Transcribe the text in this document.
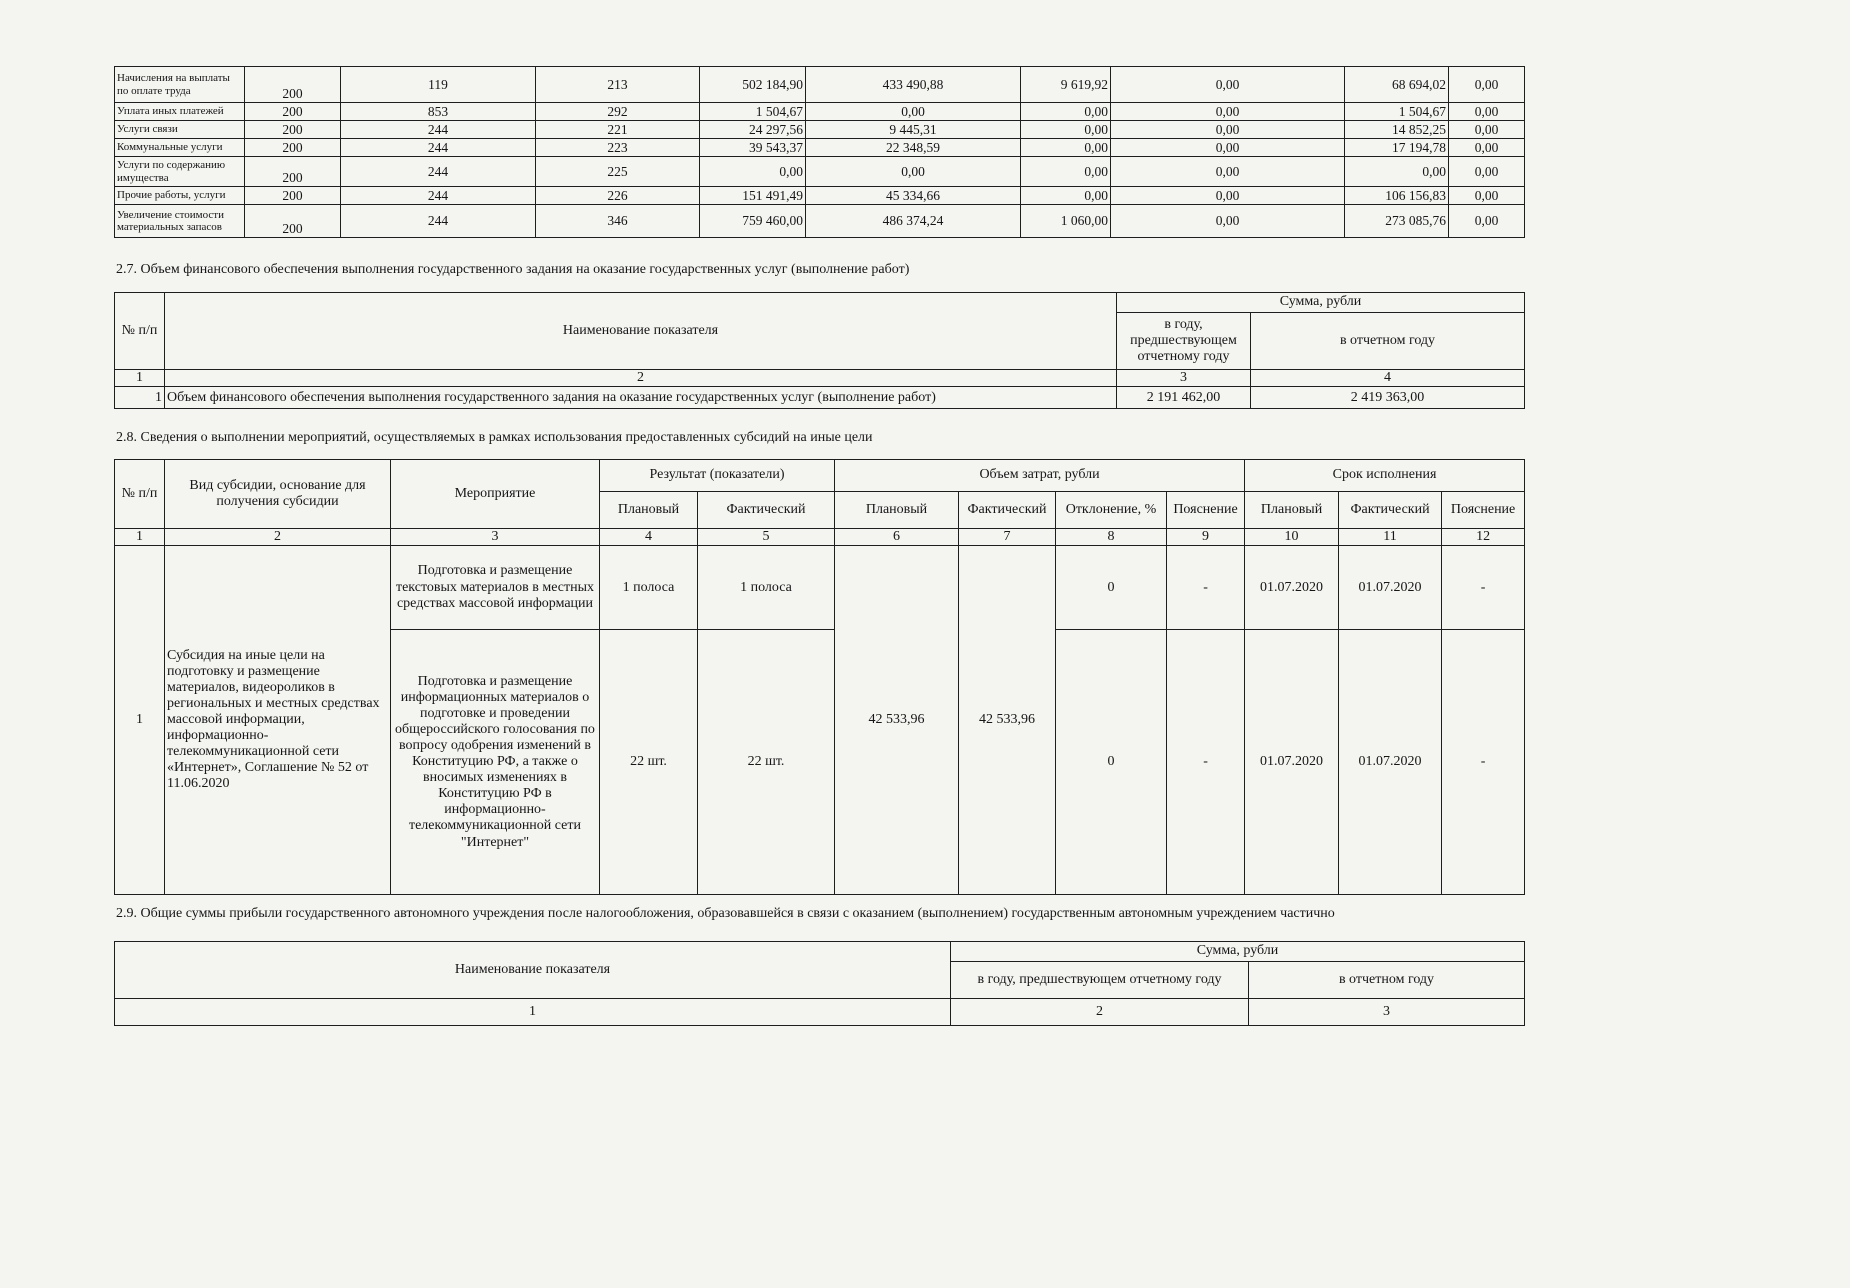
Начисления на выплаты по оплате труда	200	119	213	502 184,90	433 490,88	9 619,92	0,00	68 694,02	0,00
Уплата иных платежей	200	853	292	1 504,67	0,00	0,00	0,00	1 504,67	0,00
Услуги связи	200	244	221	24 297,56	9 445,31	0,00	0,00	14 852,25	0,00
Коммунальные услуги	200	244	223	39 543,37	22 348,59	0,00	0,00	17 194,78	0,00
Услуги по содержанию имущества	200	244	225	0,00	0,00	0,00	0,00	0,00	0,00
Прочие работы, услуги	200	244	226	151 491,49	45 334,66	0,00	0,00	106 156,83	0,00
Увеличение стоимости материальных запасов	200	244	346	759 460,00	486 374,24	1 060,00	0,00	273 085,76	0,00
2.7. Объем финансового обеспечения выполнения государственного задания на оказание государственных услуг (выполнение работ)
№ п/п	Наименование показателя	Сумма, рубли	
		в году, предшествующем отчетному году	в отчетном году
1	2	3	4
1	Объем финансового обеспечения выполнения государственного задания на оказание государственных услуг (выполнение работ)	2 191 462,00	2 419 363,00
2.8. Сведения о выполнении мероприятий, осуществляемых в рамках использования предоставленных субсидий на иные цели
№ п/п	Вид субсидии, основание для получения субсидии	Мероприятие	Результат (показатели)		Объем затрат, рубли				Срок исполнения		
			Плановый	Фактический	Плановый	Фактический	Отклонение, %	Пояснение	Плановый	Фактический	Пояснение
1	2	3	4	5	6	7	8	9	10	11	12
1	Субсидия на иные цели на подготовку и размещение материалов, видеороликов в региональных и местных средствах массовой информации, информационно-телекоммуникационной сети «Интернет», Соглашение № 52 от 11.06.2020	Подготовка и размещение текстовых материалов в местных средствах массовой информации	1 полоса	1 полоса	42 533,96	42 533,96	0	-	01.07.2020	01.07.2020	-
		Подготовка и размещение информационных материалов о подготовке и проведении общероссийского голосования по вопросу одобрения изменений в Конституцию РФ, а также о вносимых изменениях в Конституцию РФ в информационно-телекоммуникационной сети "Интернет"	22 шт.	22 шт.			0	-	01.07.2020	01.07.2020	-
2.9. Общие суммы прибыли государственного автономного учреждения после налогообложения, образовавшейся в связи с оказанием (выполнением) государственным автономным учреждением частично
Наименование показателя	Сумма, рубли	
	в году, предшествующем отчетному году	в отчетном году
1	2	3
